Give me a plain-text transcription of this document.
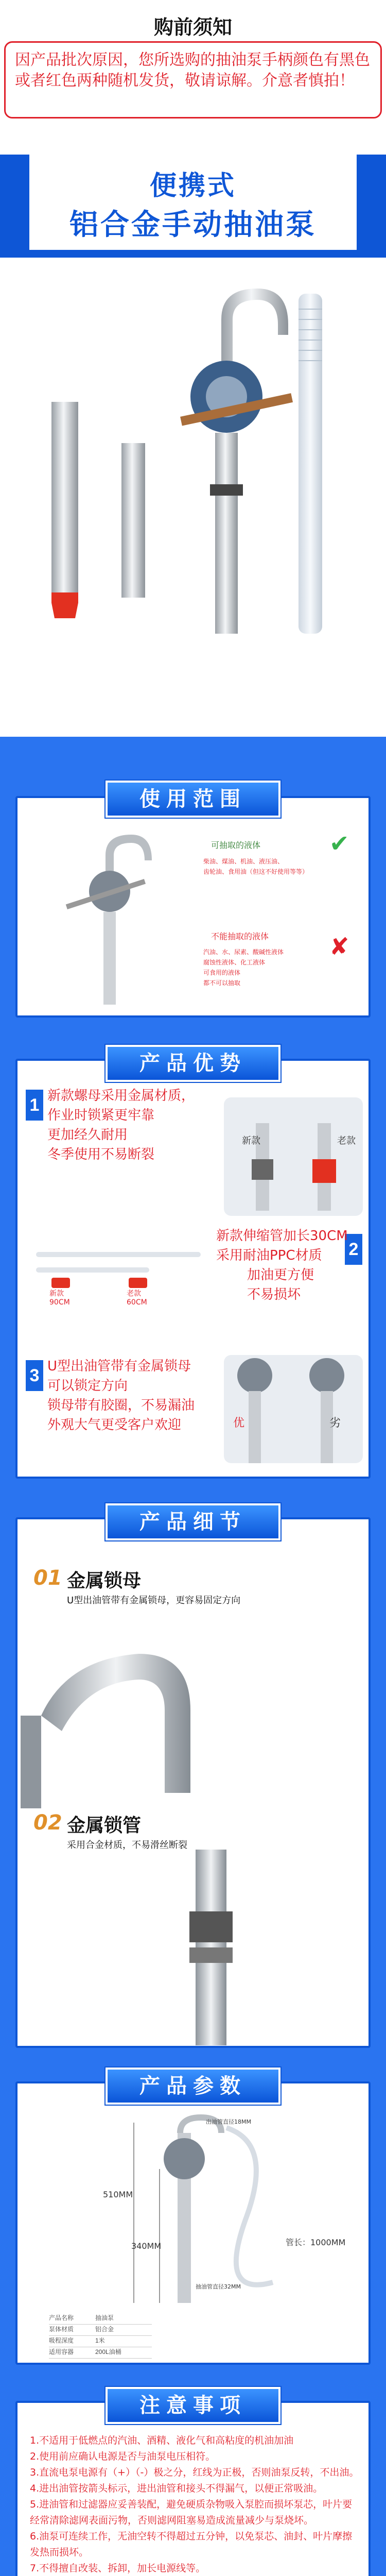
购前须知
因产品批次原因，您所选购的抽油泵手柄颜色有黑色或者红色两种随机发货，敬请谅解。介意者慎拍！
便携式
铝合金手动抽油泵
使用范围
可抽取的液体	✔
柴油、煤油、机油、液压油、
齿轮油、食用油（但这不好使用等等）
不能抽取的液体	✘
汽油、水、尿素、酸碱性液体
腐蚀性液体、化工液体
可食用的液体
都不可以抽取
产品优势
1 新款螺母采用金属材质，
作业时锁紧更牢靠
更加经久耐用
冬季使用不易断裂
新款	老款
2
新款伸缩管加长30CM
采用耐油PPC材质
加油更方便
不易损坏
新款
90CM
老款
60CM
3 U型出油管带有金属锁母
可以锁定方向
锁母带有胶圈，不易漏油
外观大气更受客户欢迎	优	劣
产品细节
01 金属锁母
U型出油管带有金属锁母，更容易固定方向
02 金属锁管
采用合金材质，不易滑丝断裂
产品参数
510MM
340MM	管长：1000MM
出油管直径18MM
抽油管直径32MM
产品名称	抽油泵
泵体材质	铝合金
吸程深度	1米
适用容器	200L油桶
注意事项
1.不适用于低燃点的汽油、酒精、液化气和高粘度的机油加油
2.使用前应确认电源是否与油泵电压相符。
3.直流电泵电源有（+）（-）极之分，红线为正极，否则油泵反转，不出油。
4.进出油管按箭头标示，进出油管和接头不得漏气，以便正常吸油。
5.进油管和过滤器应妥善装配，避免硬质杂物吸入泵腔而损坏泵芯，叶片要经常清除滤网表面污物，否则滤网阻塞易造成流量减少与泵烧坏。
6.油泵可连续工作，无油空转不得超过五分钟，以免泵芯、油封、叶片摩擦发热而损坏。
7.不得擅自改装、拆卸，加长电源线等。
